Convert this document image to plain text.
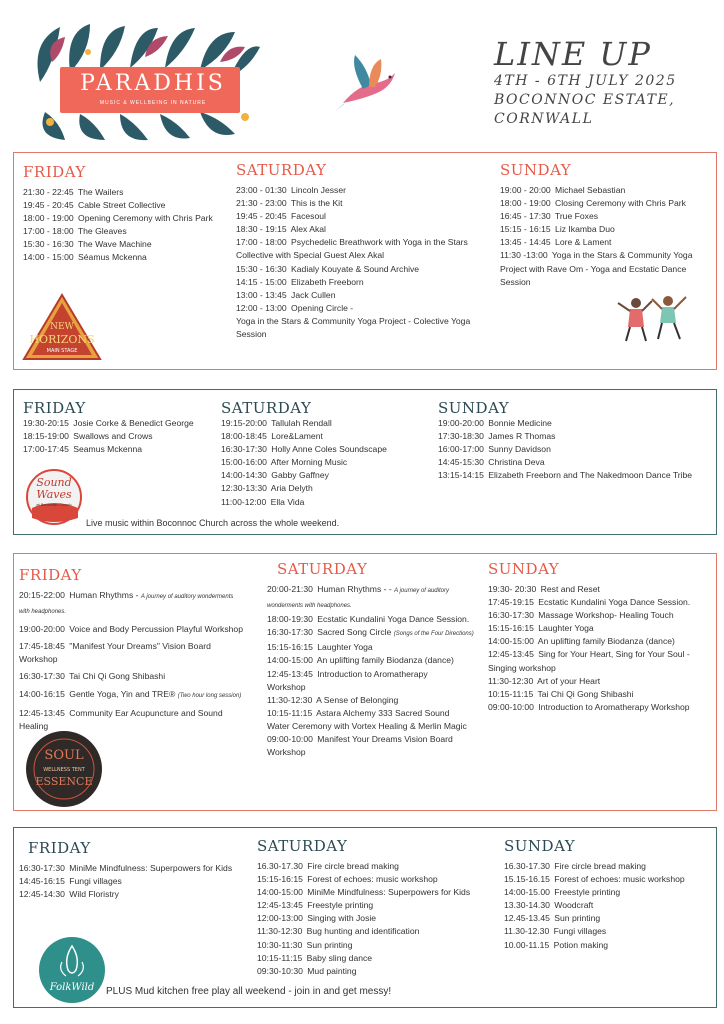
PARADHIS
MUSIC & WELLBEING IN NATURE
LINE UP
4TH - 6TH JULY 2025
BOCONNOC ESTATE,
CORNWALL
FRIDAY
21:30 - 22:45 The Wailers
19:45 - 20:45 Cable Street Collective
18:00 - 19:00 Opening Ceremony with Chris Park
17:00 - 18:00 The Gleaves
15:30 - 16:30 The Wave Machine
14:00 - 15:00 Séamus Mckenna
SATURDAY
23:00 - 01:30 Lincoln Jesser
21:30 - 23:00 This is the Kit
19:45 - 20:45 Facesoul
18:30 - 19:15 Alex Akal
17:00 - 18:00 Psychedelic Breathwork with Yoga in the Stars
Collective with Special Guest Alex Akal
15:30 - 16:30 Kadialy Kouyate & Sound Archive
14:15 - 15:00 Elizabeth Freeborn
13:00 - 13:45 Jack Cullen
12:00 - 13:00 Opening Circle -
Yoga in the Stars & Community Yoga Project - Colective Yoga
Session
SUNDAY
19:00 - 20:00 Michael Sebastian
18:00 - 19:00 Closing Ceremony with Chris Park
16:45 - 17:30 True Foxes
15:15 - 16:15 Liz Ikamba Duo
13:45 - 14:45 Lore & Lament
11:30 -13:00 Yoga in the Stars & Community Yoga
Project with Rave Om - Yoga and Ecstatic Dance
Session
NEW
HORIZONS
MAIN STAGE
FRIDAY
19:30-20:15 Josie Corke & Benedict George
18:15-19:00 Swallows and Crows
17:00-17:45 Seamus Mckenna
SATURDAY
19:15-20:00 Tallulah Rendall
18:00-18:45 Lore&Lament
16:30-17:30 Holly Anne Coles Soundscape
15:00-16:00 After Morning Music
14:00-14:30 Gabby Gaffney
12:30-13:30 Aria Delyth
11:00-12:00 Ella Vida
SUNDAY
19:00-20:00 Bonnie Medicine
17:30-18:30 James R Thomas
16:00-17:00 Sunny Davidson
14:45-15:30 Christina Deva
13:15-14:15 Elizabeth Freeborn and The Nakedmoon Dance Tribe
Sound
Waves
at Boconnoc Church
Live music within Boconnoc Church across the whole weekend.
FRIDAY
20:15-22:00 Human Rhythms - A journey of auditory wonderments
with headphones.

19:00-20:00 Voice and Body Percussion Playful Workshop

17:45-18:45 "Manifest Your Dreams" Vision Board
Workshop

16:30-17:30 Tai Chi Qi Gong Shibashi

14:00-16:15 Gentle Yoga, Yin and TRE® (Two hour long session)

12:45-13:45 Community Ear Acupuncture and Sound
Healing
SATURDAY
20:00-21:30 Human Rhythms - - A journey of auditory
wonderments with headphones.
18:00-19:30 Ecstatic Kundalini Yoga Dance Session.
16:30-17:30 Sacred Song Circle (Songs of the Four Directions)
15:15-16:15 Laughter Yoga
14:00-15:00 An uplifting family Biodanza (dance)
12:45-13:45 Introduction to Aromatherapy
Workshop
11:30-12:30 A Sense of Belonging
10:15-11:15 Astara Alchemy 333 Sacred Sound
Water Ceremony with Vortex Healing & Merlin Magic
09:00-10:00 Manifest Your Dreams Vision Board
Workshop
SUNDAY
19:30- 20:30 Rest and Reset
17:45-19:15 Ecstatic Kundalini Yoga Dance Session.
16:30-17:30 Massage Workshop- Healing Touch
15:15-16:15 Laughter Yoga
14:00-15:00 An uplifting family Biodanza (dance)
12:45-13:45 Sing for Your Heart, Sing for Your Soul -
Singing workshop
11:30-12:30 Art of your Heart
10:15-11:15 Tai Chi Qi Gong Shibashi
09:00-10:00 Introduction to Aromatherapy Workshop
SOUL
WELLNESS TENT
ESSENCE
FRIDAY
16:30-17:30 MiniMe Mindfulness: Superpowers for Kids
14:45-16:15 Fungi villages
12:45-14:30 Wild Floristry
SATURDAY
16.30-17.30 Fire circle bread making
15:15-16:15 Forest of echoes: music workshop
14:00-15:00 MiniMe Mindfulness: Superpowers for Kids
12:45-13:45 Freestyle printing
12:00-13:00 Singing with Josie
11:30-12:30 Bug hunting and identification
10:30-11:30 Sun printing
10:15-11:15 Baby sling dance
09:30-10:30 Mud painting
SUNDAY
16.30-17.30 Fire circle bread making
15.15-16.15 Forest of echoes: music workshop
14:00-15.00 Freestyle printing
13.30-14.30 Woodcraft
12.45-13.45 Sun printing
11.30-12.30 Fungi villages
10.00-11.15 Potion making
FolkWild PLUS Mud kitchen free play all weekend - join in and get messy!
